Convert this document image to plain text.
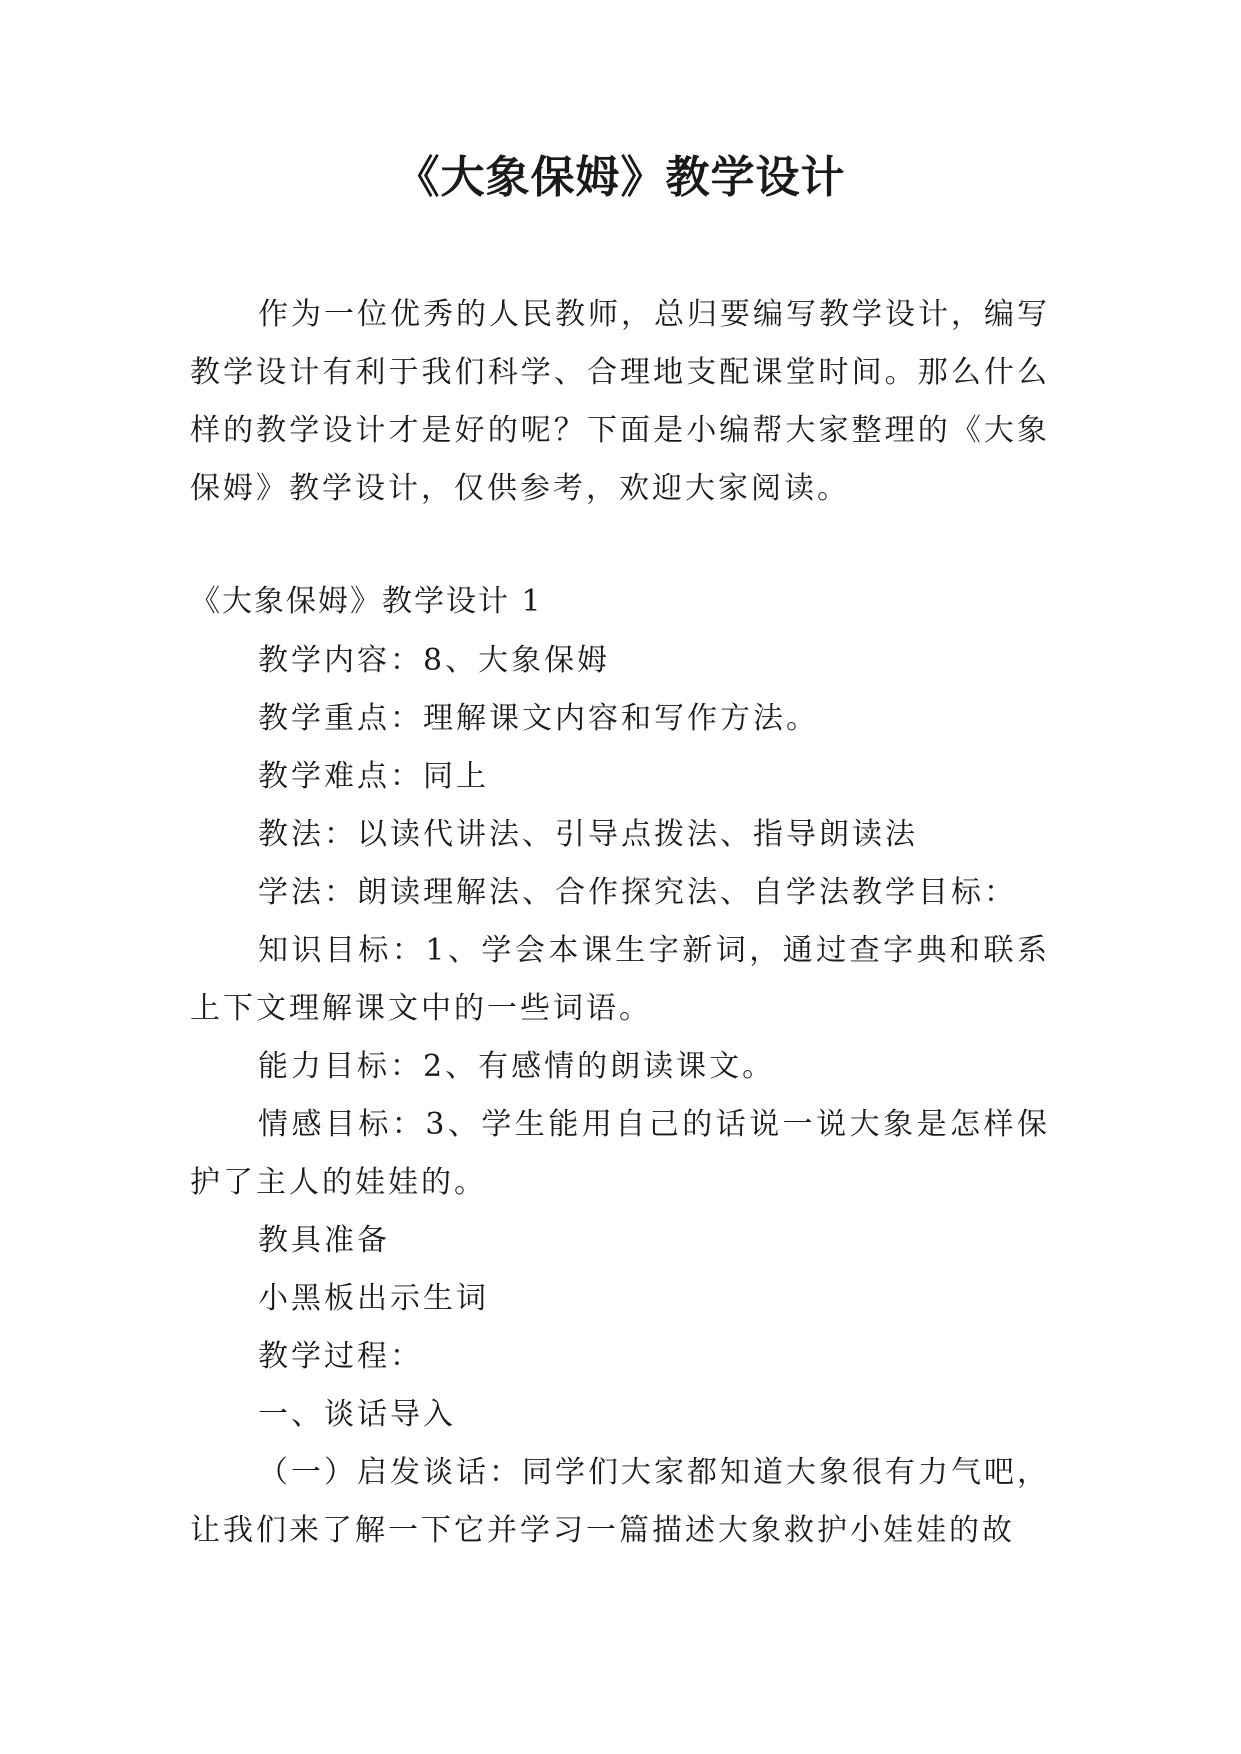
《大象保姆》教学设计

作为一位优秀的人民教师，总归要编写教学设计，编写教学设计有利于我们科学、合理地支配课堂时间。那么什么样的教学设计才是好的呢？下面是小编帮大家整理的《大象保姆》教学设计，仅供参考，欢迎大家阅读。

《大象保姆》教学设计 1

教学内容：8、大象保姆

教学重点：理解课文内容和写作方法。

教学难点：同上

教法：以读代讲法、引导点拨法、指导朗读法

学法：朗读理解法、合作探究法、自学法教学目标：

知识目标：1、学会本课生字新词，通过查字典和联系上下文理解课文中的一些词语。

能力目标：2、有感情的朗读课文。

情感目标：3、学生能用自己的话说一说大象是怎样保护了主人的娃娃的。

教具准备

小黑板出示生词

教学过程：

一、谈话导入

（一）启发谈话：同学们大家都知道大象很有力气吧，让我们来了解一下它并学习一篇描述大象救护小娃娃的故
